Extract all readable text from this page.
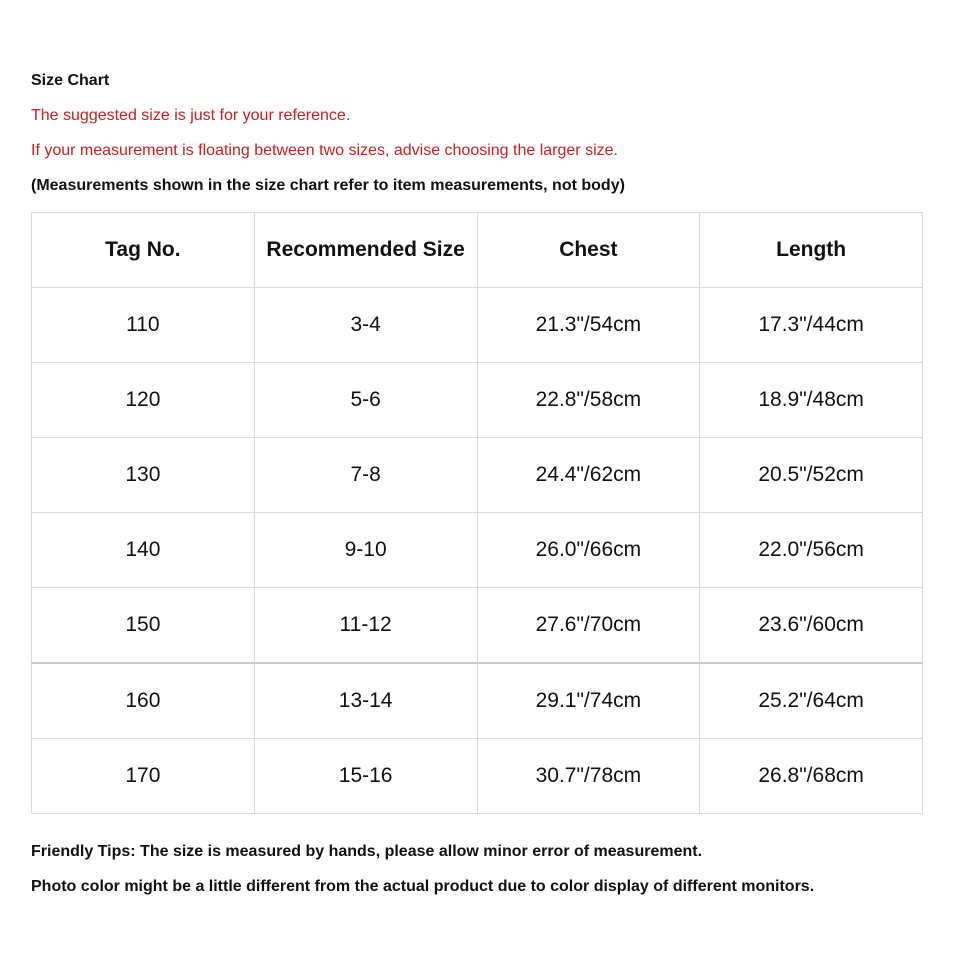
Size Chart
The suggested size is just for your reference.
If your measurement is floating between two sizes, advise choosing the larger size.
(Measurements shown in the size chart refer to item measurements, not body)
Tag No.	Recommended Size	Chest	Length
110	3-4	21.3"/54cm	17.3"/44cm
120	5-6	22.8"/58cm	18.9"/48cm
130	7-8	24.4"/62cm	20.5"/52cm
140	9-10	26.0"/66cm	22.0"/56cm
150	11-12	27.6"/70cm	23.6"/60cm
160	13-14	29.1"/74cm	25.2"/64cm
170	15-16	30.7"/78cm	26.8"/68cm
Friendly Tips: The size is measured by hands, please allow minor error of measurement.
Photo color might be a little different from the actual product due to color display of different monitors.
